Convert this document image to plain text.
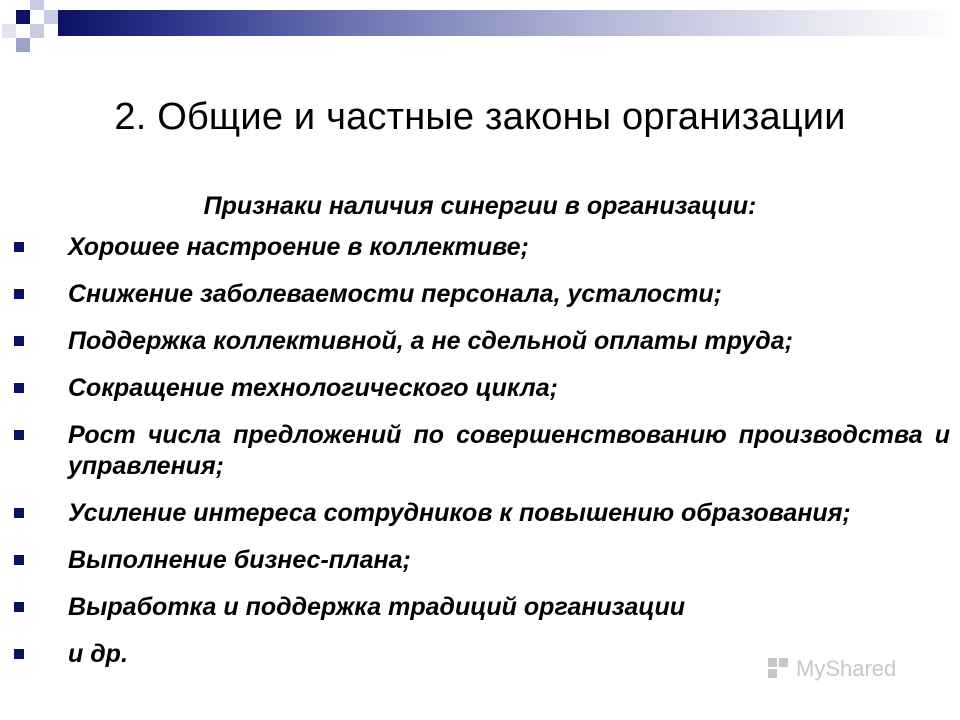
2. Общие и частные законы организации
Признаки наличия синергии в организации:
Хорошее настроение в коллективе;
Снижение заболеваемости персонала, усталости;
Поддержка коллективной, а не сдельной оплаты труда;
Сокращение технологического цикла;
Рост числа предложений по совершенствованию производства и управления;
Усиление интереса сотрудников к повышению образования;
Выполнение бизнес-плана;
Выработка и поддержка традиций организации
и др.
MyShared
